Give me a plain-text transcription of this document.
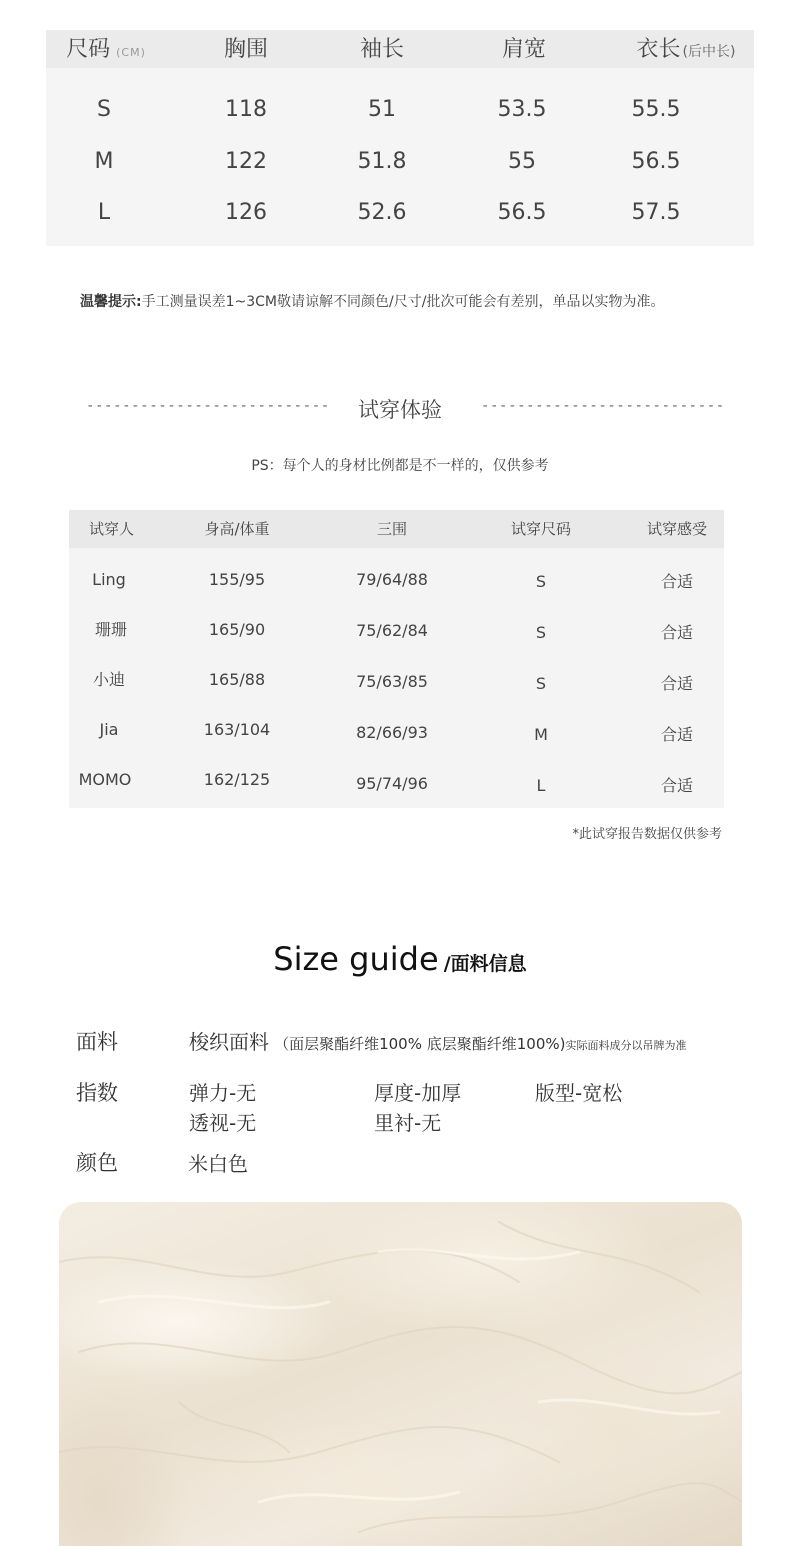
尺码 (CM)	胸围	袖长	肩宽	衣长 (后中长)
S	118	51	53.5	55.5
M	122	51.8	55	56.5
L	126	52.6	56.5	57.5
温馨提示:手工测量误差1~3CM敬请谅解不同颜色/尺寸/批次可能会有差别，单品以实物为准。
---------------------------	试穿体验	---------------------------
PS：每个人的身材比例都是不一样的，仅供参考
试穿人	身高/体重	三围	试穿尺码	试穿感受
Ling	155/95	79/64/88	S	合适
珊珊	165/90	75/62/84	S	合适
小迪	165/88	75/63/85	S	合适
Jia	163/104	82/66/93	M	合适
MOMO	162/125	95/74/96	L	合适
*此试穿报告数据仅供参考
Size guide /面料信息
面料	梭织面料 （面层聚酯纤维100% 底层聚酯纤维100%)实际面料成分以吊牌为准
指数	弹力-无	厚度-加厚	版型-宽松
透视-无	里衬-无
颜色	米白色
